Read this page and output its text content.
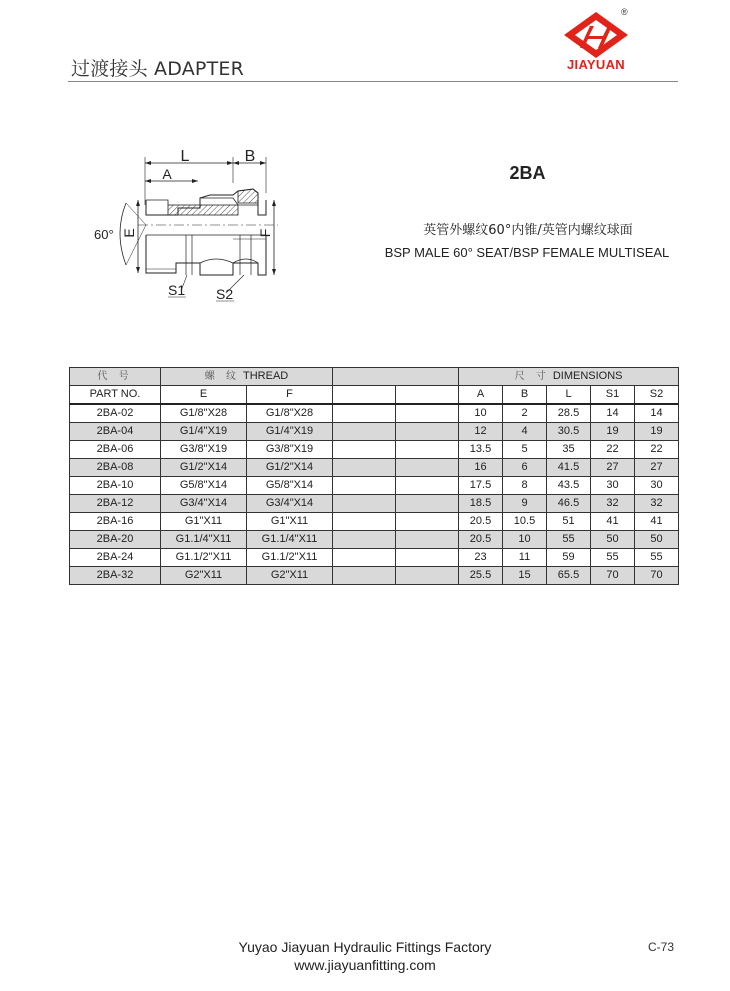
过渡接头 ADAPTER
®
JIAYUAN
L	B
A
E	F
60°
S1 S2
2BA
英管外螺纹60°内锥/英管内螺纹球面
BSP MALE 60° SEAT/BSP FEMALE MULTISEAL
代 号	螺 纹 THREAD				尺 寸 DIMENSIONS				
PART NO.	E	F			A	B	L	S1	S2
2BA-02	G1/8"X28	G1/8"X28			10	2	28.5	14	14
2BA-04	G1/4"X19	G1/4"X19			12	4	30.5	19	19
2BA-06	G3/8"X19	G3/8"X19			13.5	5	35	22	22
2BA-08	G1/2"X14	G1/2"X14			16	6	41.5	27	27
2BA-10	G5/8"X14	G5/8"X14			17.5	8	43.5	30	30
2BA-12	G3/4"X14	G3/4"X14			18.5	9	46.5	32	32
2BA-16	G1"X11	G1"X11			20.5	10.5	51	41	41
2BA-20	G1.1/4"X11	G1.1/4"X11			20.5	10	55	50	50
2BA-24	G1.1/2"X11	G1.1/2"X11			23	11	59	55	55
2BA-32	G2"X11	G2"X11			25.5	15	65.5	70	70
Yuyao Jiayuan Hydraulic Fittings Factory
www.jiayuanfitting.com
C-73
